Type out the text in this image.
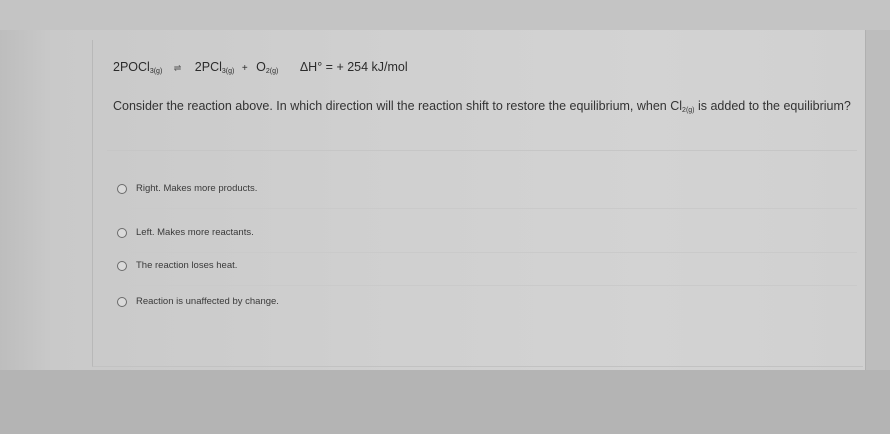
2POCl$_{3(g)}$ ⇌ $2PCl_{3(g)} + O_{2(g)}$ ΔH° = + 254 kJ/mol
Consider the reaction above. In which direction will the reaction shift to restore the equilibrium, when $Cl_{2(g)}$ is added to the equilibrium?
Right. Makes more products.
Left. Makes more reactants.
The reaction loses heat.
Reaction is unaffected by change.
